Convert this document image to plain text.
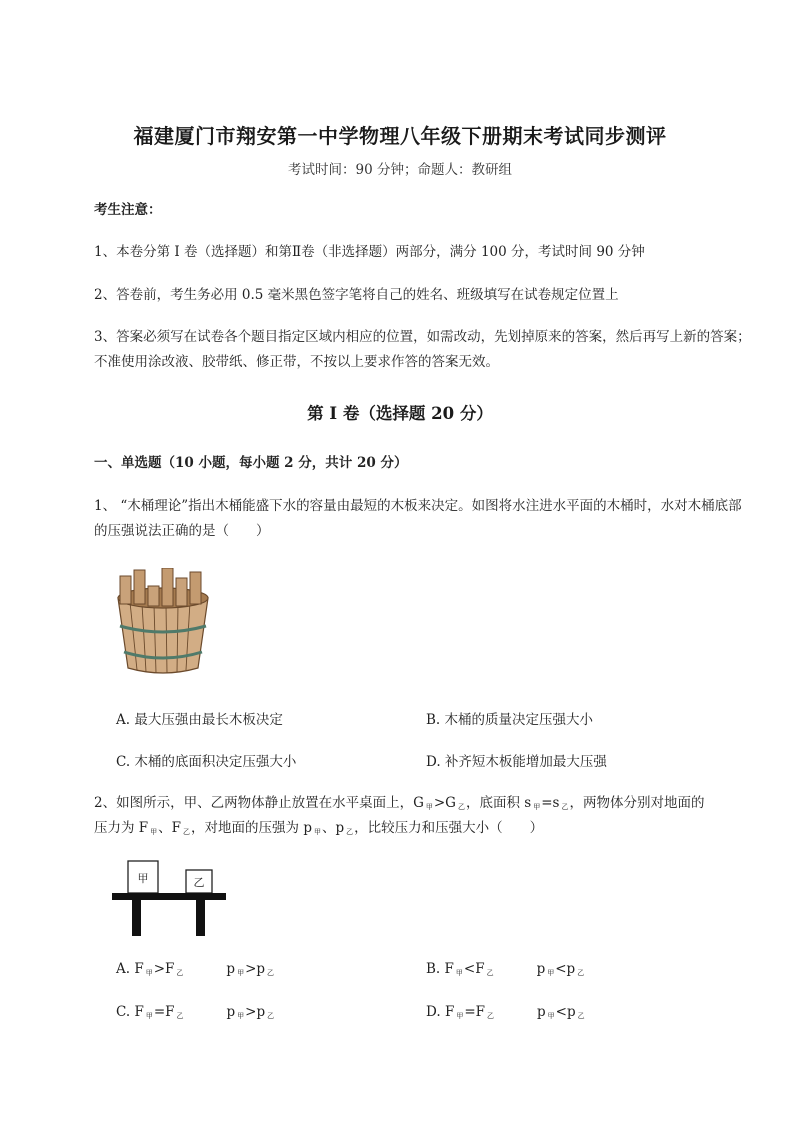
福建厦门市翔安第一中学物理八年级下册期末考试同步测评
考试时间：90 分钟；命题人：教研组
考生注意：
1、本卷分第 I 卷（选择题）和第Ⅱ卷（非选择题）两部分，满分 100 分，考试时间 90 分钟
2、答卷前，考生务必用 0.5 毫米黑色签字笔将自己的姓名、班级填写在试卷规定位置上
3、答案必须写在试卷各个题目指定区域内相应的位置，如需改动，先划掉原来的答案，然后再写上新的答案；不准使用涂改液、胶带纸、修正带，不按以上要求作答的答案无效。
第 I 卷（选择题 20 分）
一、单选题（10 小题，每小题 2 分，共计 20 分）
1、 “木桶理论”指出木桶能盛下水的容量由最短的木板来决定。如图将水注进水平面的木桶时，水对木桶底部的压强说法正确的是（　　）
A. 最大压强由最长木板决定	B. 木桶的质量决定压强大小
C. 木桶的底面积决定压强大小	D. 补齐短木板能增加最大压强
2、如图所示，甲、乙两物体静止放置在水平桌面上，G $_甲$>G $_乙$，底面积 s $_甲$=s $_乙$，两物体分别对地面的
压力为 F $_甲$、F $_乙$，对地面的压强为 p $_甲$、p $_乙$，比较压力和压强大小（　　）
甲	乙
A. F $_甲$>F $_乙$	p $_甲$>p $_乙$	B. F $_甲$<F $_乙$	p $_甲$<p $_乙$
C. F $_甲$=F $_乙$	p $_甲$>p $_乙$	D. F $_甲$=F $_乙$	p $_甲$<p $_乙$
